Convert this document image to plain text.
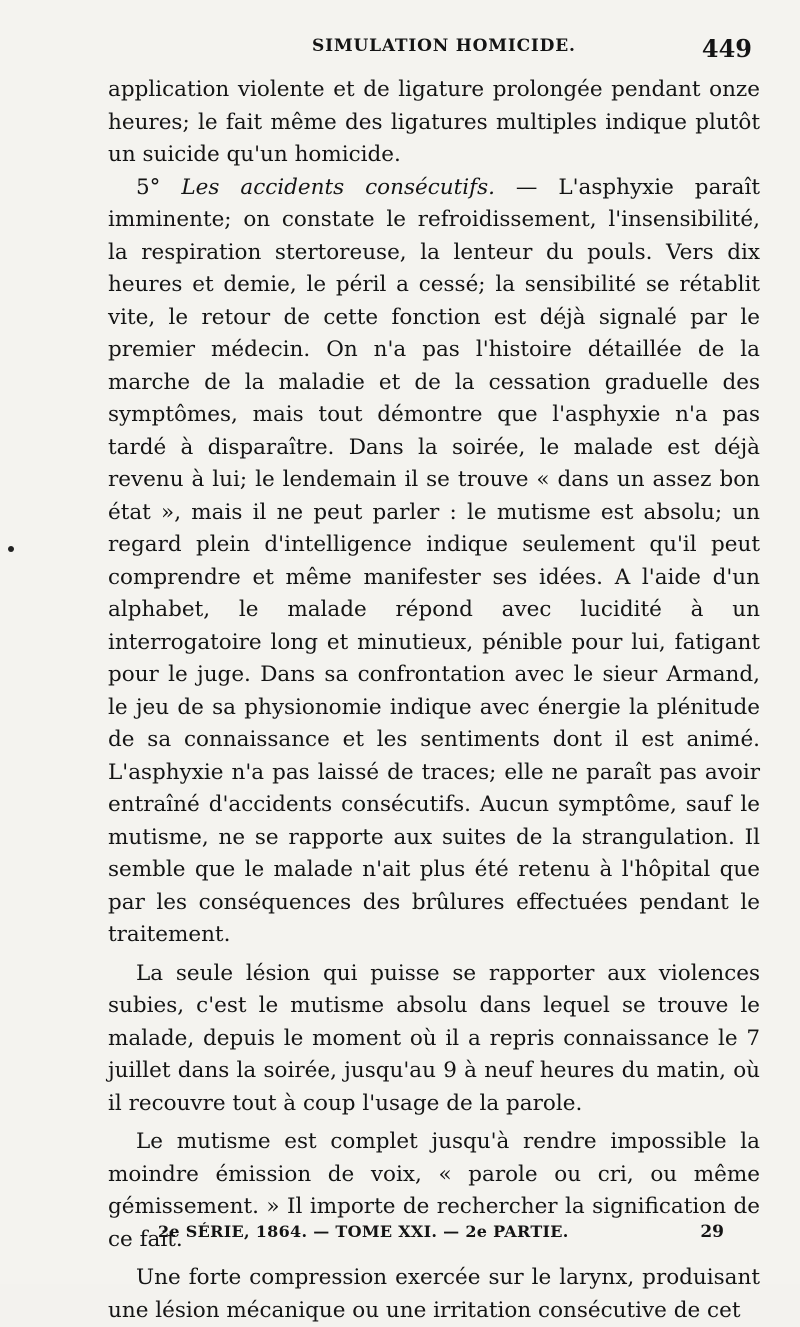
SIMULATION HOMICIDE.	449

application violente et de ligature prolongée pendant onze heures; le fait même des ligatures multiples indique plutôt un suicide qu'un homicide.

5° Les accidents consécutifs. — L'asphyxie paraît imminente; on constate le refroidissement, l'insensibilité, la respiration stertoreuse, la lenteur du pouls. Vers dix heures et demie, le péril a cessé; la sensibilité se rétablit vite, le retour de cette fonction est déjà signalé par le premier médecin. On n'a pas l'histoire détaillée de la marche de la maladie et de la cessation graduelle des symptômes, mais tout démontre que l'asphyxie n'a pas tardé à disparaître. Dans la soirée, le malade est déjà revenu à lui; le lendemain il se trouve « dans un assez bon état », mais il ne peut parler : le mutisme est absolu; un regard plein d'intelligence indique seulement qu'il peut comprendre et même manifester ses idées. A l'aide d'un alphabet, le malade répond avec lucidité à un interrogatoire long et minutieux, pénible pour lui, fatigant pour le juge. Dans sa confrontation avec le sieur Armand, le jeu de sa physionomie indique avec énergie la plénitude de sa connaissance et les sentiments dont il est animé. L'asphyxie n'a pas laissé de traces; elle ne paraît pas avoir entraîné d'accidents consécutifs. Aucun symptôme, sauf le mutisme, ne se rapporte aux suites de la strangulation. Il semble que le malade n'ait plus été retenu à l'hôpital que par les conséquences des brûlures effectuées pendant le traitement.

La seule lésion qui puisse se rapporter aux violences subies, c'est le mutisme absolu dans lequel se trouve le malade, depuis le moment où il a repris connaissance le 7 juillet dans la soirée, jusqu'au 9 à neuf heures du matin, où il recouvre tout à coup l'usage de la parole.

Le mutisme est complet jusqu'à rendre impossible la moindre émission de voix, « parole ou cri, ou même gémissement. » Il importe de rechercher la signification de ce fait.

Une forte compression exercée sur le larynx, produisant une lésion mécanique ou une irritation consécutive de cet

2e SÉRIE, 1864. — TOME XXI. — 2e PARTIE.	29
